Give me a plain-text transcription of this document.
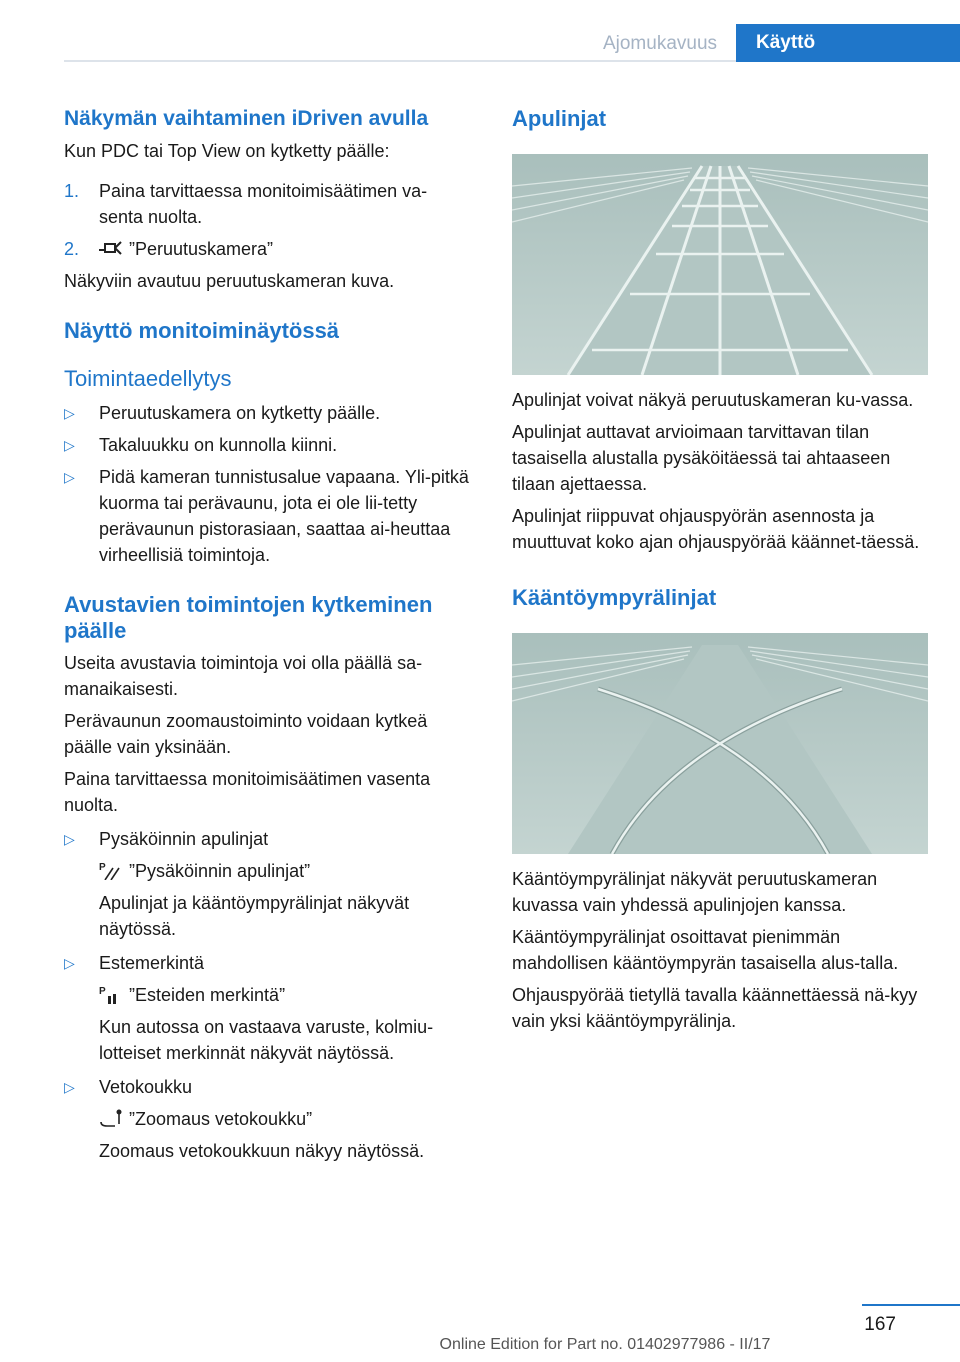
Ajomukavuus	Käyttö
Näkymän vaihtaminen iDriven avulla

Kun PDC tai Top View on kytketty päälle:

1. Paina tarvittaessa monitoimisäätimen va-senta nuolta.
2.	”Peruutuskamera”

Näkyviin avautuu peruutuskameran kuva.

Näyttö monitoiminäytössä
Toimintaedellytys
▷ Peruutuskamera on kytketty päälle.
▷ Takaluukku on kunnolla kiinni.
▷ Pidä kameran tunnistusalue vapaana. Yli-pitkä kuorma tai perävaunu, jota ei ole lii-tetty perävaunun pistorasiaan, saattaa ai-heuttaa virheellisiä toimintoja.
Avustavien toimintojen kytkeminen päälle

Useita avustavia toimintoja voi olla päällä sa-manaikaisesti.

Perävaunun zoomaustoiminto voidaan kytkeä päälle vain yksinään.

Paina tarvittaessa monitoimisäätimen vasenta nuolta.

▷ Pysäköinnin apulinjat
P ”Pysäköinnin apulinjat”
Apulinjat ja kääntöympyrälinjat näkyvät näytössä.
▷ Estemerkintä
P ”Esteiden merkintä”
Kun autossa on vastaava varuste, kolmiu-lotteiset merkinnät näkyvät näytössä.
▷ Vetokoukku
”Zoomaus vetokoukku”
Zoomaus vetokoukkuun näkyy näytössä.
Apulinjat

Apulinjat voivat näkyä peruutuskameran ku-vassa.

Apulinjat auttavat arvioimaan tarvittavan tilan tasaisella alustalla pysäköitäessä tai ahtaaseen tilaan ajettaessa.

Apulinjat riippuvat ohjauspyörän asennosta ja muuttuvat koko ajan ohjauspyörää käännet-täessä.

Kääntöympyrälinjat

Kääntöympyrälinjat näkyvät peruutuskameran kuvassa vain yhdessä apulinjojen kanssa.

Kääntöympyrälinjat osoittavat pienimmän mahdollisen kääntöympyrän tasaisella alus-talla.

Ohjauspyörää tietyllä tavalla käännettäessä nä-kyy vain yksi kääntöympyrälinja.

167
Online Edition for Part no. 01402977986 - II/17
